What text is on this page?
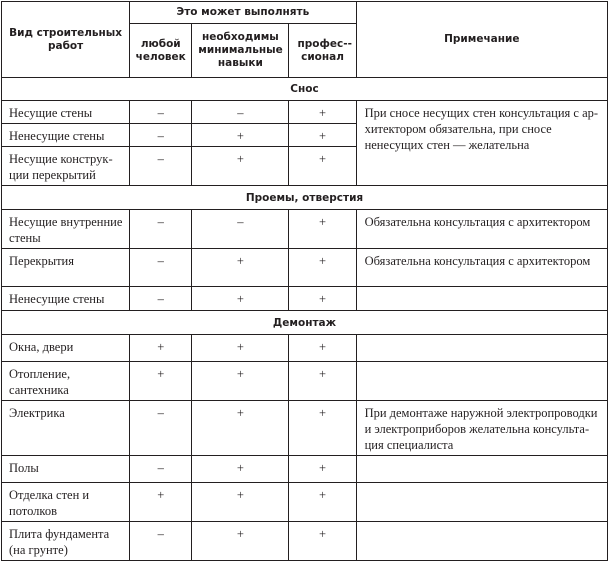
Вид строительных работ	Это может выполнять			Примечание
	любой человек	необходимы минимальные навыки	профес-сионал	
Снос				
Несущие стены	–	–	+	При сносе несущих стен консультация с ар-хитектором обязательна, при сносе ненесущих стен — желательна
Ненесущие стены	–	+	+	
Несущие конструк-ции перекрытий	–	+	+	
Проемы, отверстия				
Несущие внутренние стены	–	–	+	Обязательна консультация с архитектором
Перекрытия	–	+	+	Обязательна консультация с архитектором
Ненесущие стены	–	+	+	
Демонтаж				
Окна, двери	+	+	+	
Отопление, сантехника	+	+	+	
Электрика	–	+	+	При демонтаже наружной электропроводки и электроприборов желательна консульта-ция специалиста
Полы	–	+	+	
Отделка стен и потолков	+	+	+	
Плита фундамента (на грунте)	–	+	+	
